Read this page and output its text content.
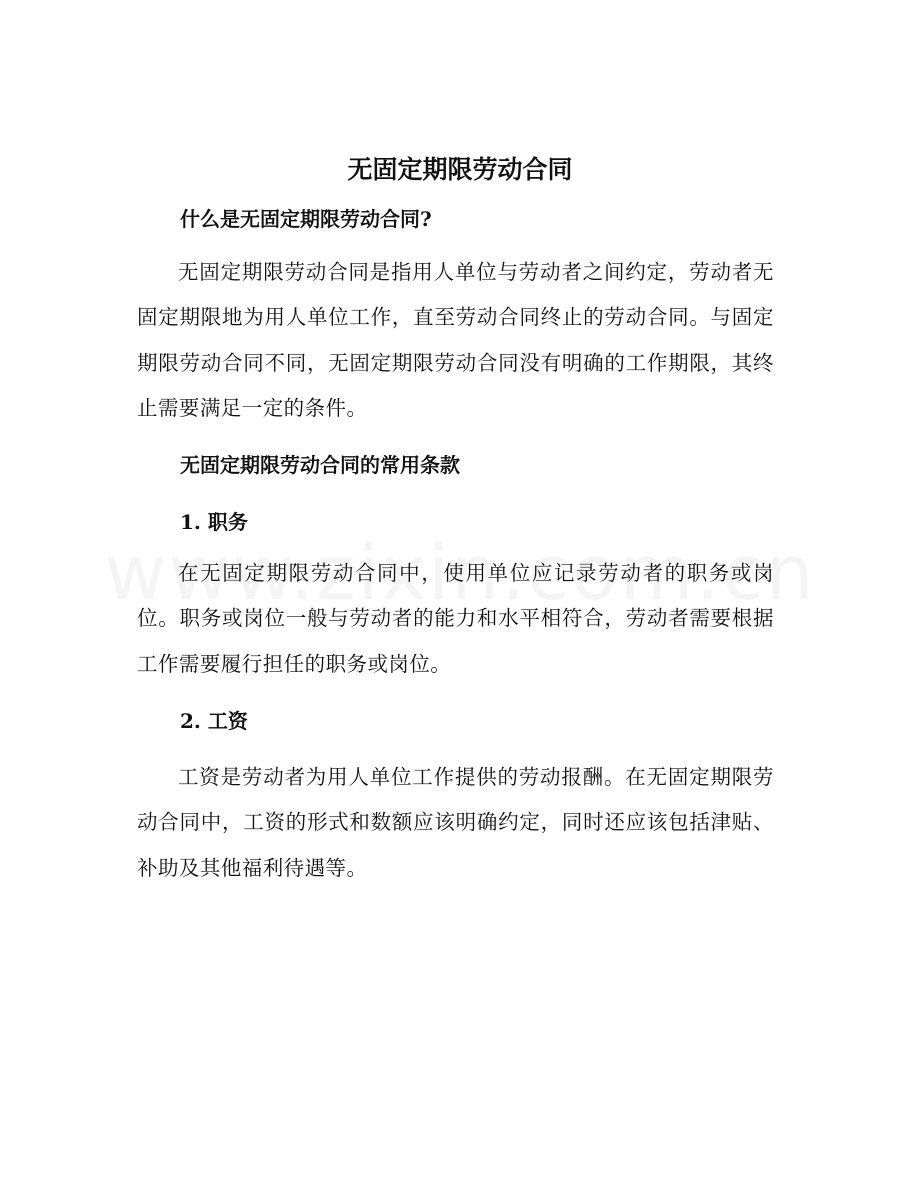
无固定期限劳动合同
什么是无固定期限劳动合同?

无固定期限劳动合同是指用人单位与劳动者之间约定，劳动者无固定期限地为用人单位工作，直至劳动合同终止的劳动合同。与固定期限劳动合同不同，无固定期限劳动合同没有明确的工作期限，其终止需要满足一定的条件。

无固定期限劳动合同的常用条款
1. 职务

在无固定期限劳动合同中，使用单位应记录劳动者的职务或岗位。职务或岗位一般与劳动者的能力和水平相符合，劳动者需要根据工作需要履行担任的职务或岗位。

2. 工资

工资是劳动者为用人单位工作提供的劳动报酬。在无固定期限劳动合同中，工资的形式和数额应该明确约定，同时还应该包括津贴、补助及其他福利待遇等。
